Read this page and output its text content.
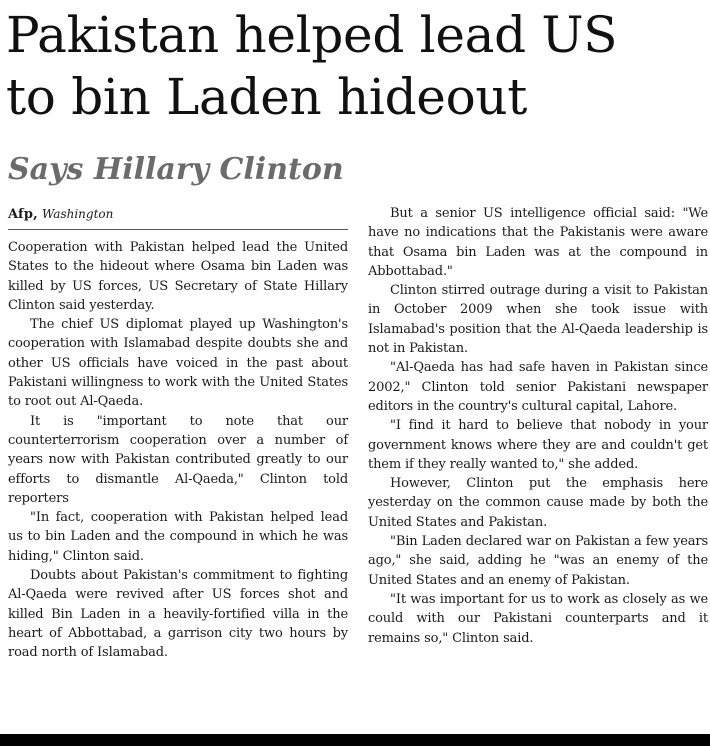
Pakistan helped lead US
to bin Laden hideout
Says Hillary Clinton
Afp, Washington

Cooperation with Pakistan helped lead the United States to the hideout where Osama bin Laden was killed by US forces, US Secretary of State Hillary Clinton said yesterday.

The chief US diplomat played up Washington's cooperation with Islamabad despite doubts she and other US officials have voiced in the past about Pakistani willingness to work with the United States to root out Al-Qaeda.

It is "important to note that our counterterrorism cooperation over a number of years now with Pakistan contributed greatly to our efforts to dismantle Al-Qaeda," Clinton told reporters

"In fact, cooperation with Pakistan helped lead us to bin Laden and the compound in which he was hiding," Clinton said.

Doubts about Pakistan's commitment to fighting Al-Qaeda were revived after US forces shot and killed Bin Laden in a heavily-fortified villa in the heart of Abbottabad, a garrison city two hours by road north of Islamabad.

But a senior US intelligence official said: "We have no indications that the Pakistanis were aware that Osama bin Laden was at the compound in Abbottabad."

Clinton stirred outrage during a visit to Pakistan in October 2009 when she took issue with Islamabad's position that the Al-Qaeda leadership is not in Pakistan.

"Al-Qaeda has had safe haven in Pakistan since 2002," Clinton told senior Pakistani newspaper editors in the country's cultural capital, Lahore.

"I find it hard to believe that nobody in your government knows where they are and couldn't get them if they really wanted to," she added.

However, Clinton put the emphasis here yesterday on the common cause made by both the United States and Pakistan.

"Bin Laden declared war on Pakistan a few years ago," she said, adding he "was an enemy of the United States and an enemy of Pakistan.

"It was important for us to work as closely as we could with our Pakistani counterparts and it remains so," Clinton said.
